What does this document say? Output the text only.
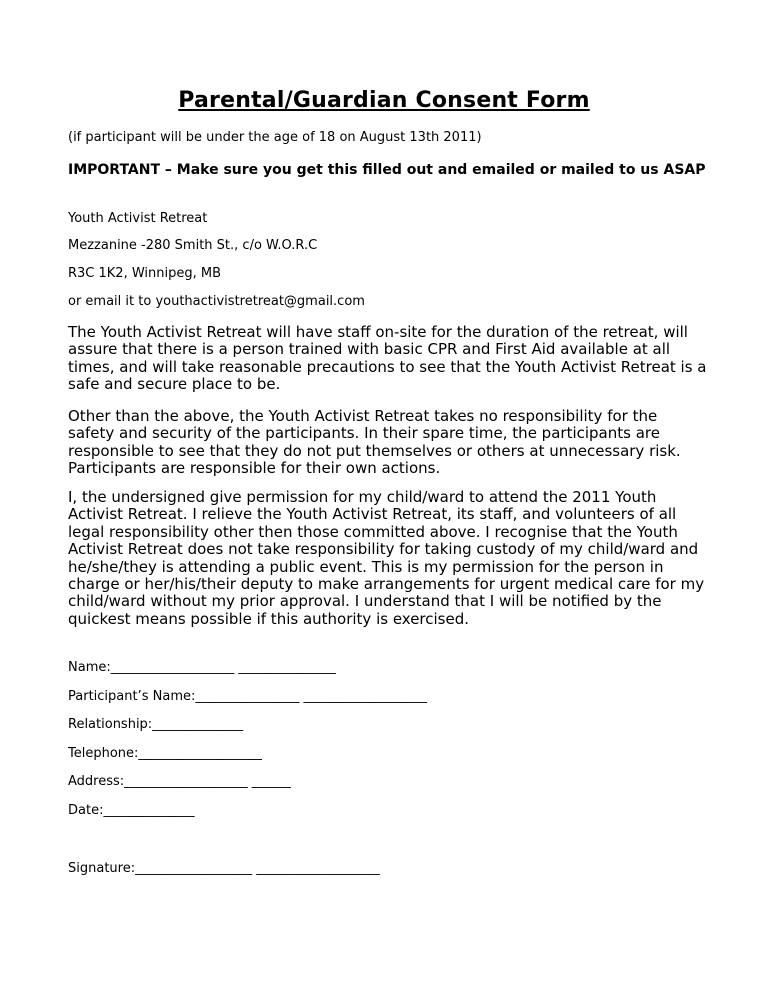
Parental/Guardian Consent Form
(if participant will be under the age of 18 on August 13th 2011)
IMPORTANT – Make sure you get this filled out and emailed or mailed to us ASAP
Youth Activist Retreat
Mezzanine -280 Smith St., c/o W.O.R.C
R3C 1K2, Winnipeg, MB
or email it to youthactivistretreat@gmail.com
The Youth Activist Retreat will have staff on-site for the duration of the retreat, will assure that there is a person trained with basic CPR and First Aid available at all times, and will take reasonable precautions to see that the Youth Activist Retreat is a safe and secure place to be.
Other than the above, the Youth Activist Retreat takes no responsibility for the safety and security of the participants. In their spare time, the participants are responsible to see that they do not put themselves or others at unnecessary risk. Participants are responsible for their own actions.
I, the undersigned give permission for my child/ward to attend the 2011 Youth Activist Retreat. I relieve the Youth Activist Retreat, its staff, and volunteers of all legal responsibility other then those committed above. I recognise that the Youth Activist Retreat does not take responsibility for taking custody of my child/ward and he/she/they is attending a public event. This is my permission for the person in charge or her/his/their deputy to make arrangements for urgent medical care for my child/ward without my prior approval. I understand that I will be notified by the quickest means possible if this authority is exercised.
Name:___________________ _______________
Participant’s Name:________________ ___________________
Relationship:______________
Telephone:___________________
Address:___________________ ______
Date:______________
Signature:__________________ ___________________
